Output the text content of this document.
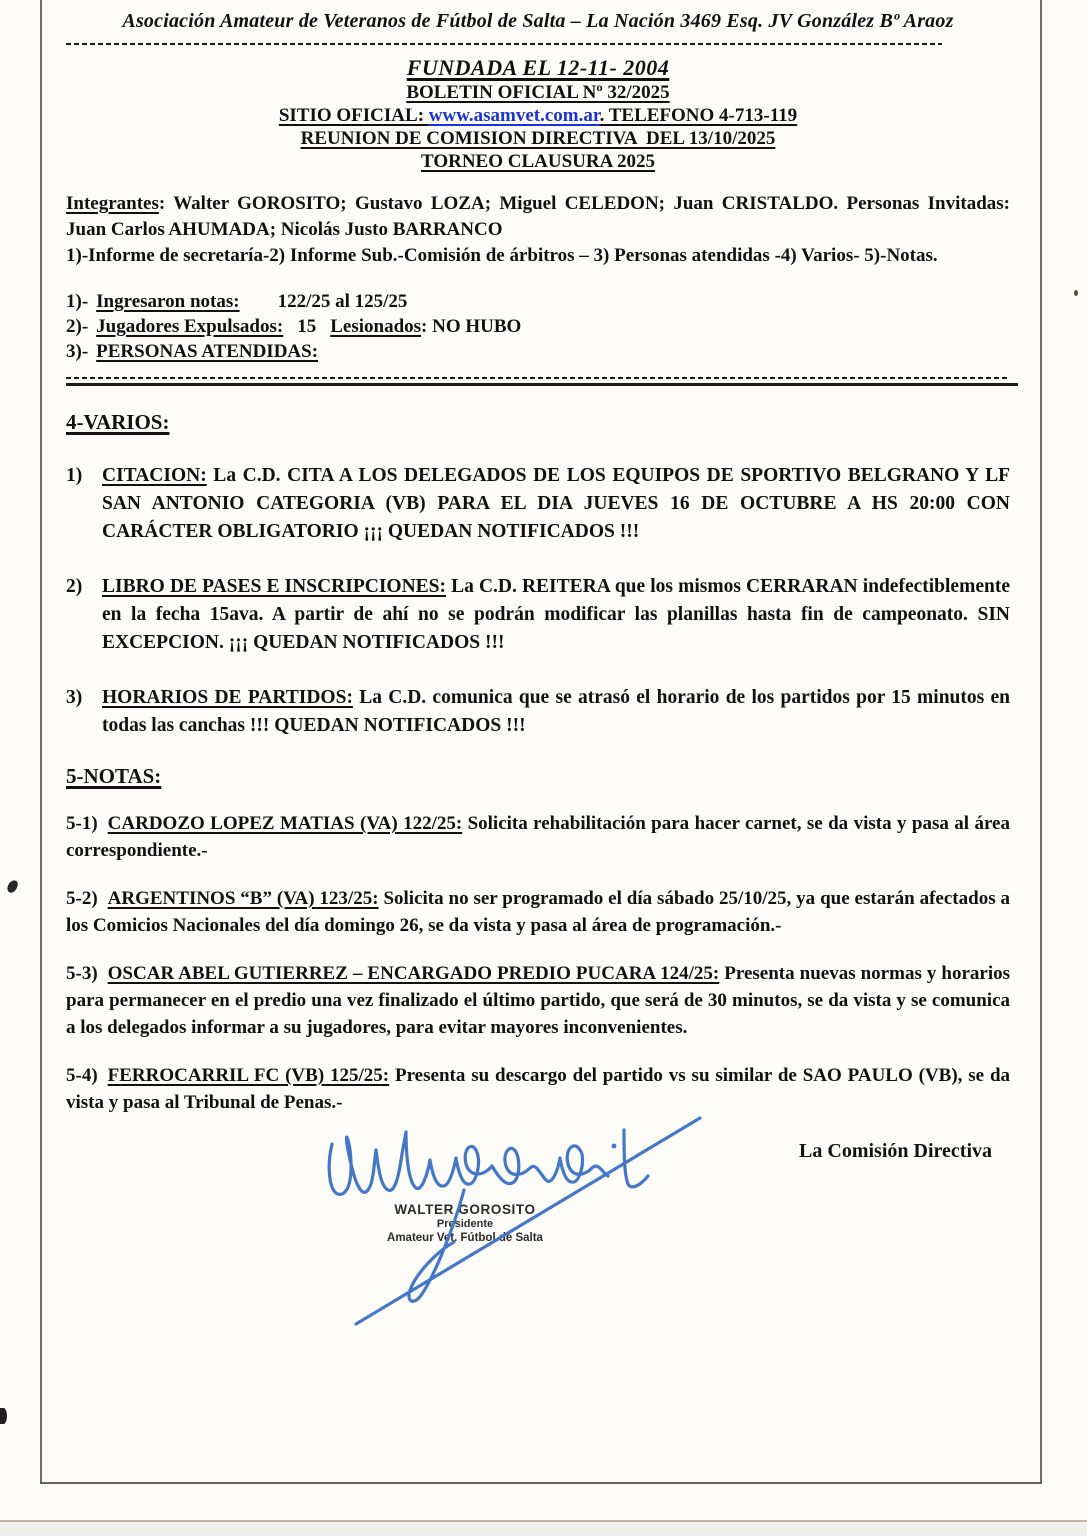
Asociación Amateur de Veteranos de Fútbol de Salta – La Nación 3469 Esq. JV González Bº Araoz
FUNDADA EL 12-11- 2004
BOLETIN OFICIAL Nº 32/2025
SITIO OFICIAL: www.asamvet.com.ar. TELEFONO 4-713-119
REUNION DE COMISION DIRECTIVA  DEL 13/10/2025
TORNEO CLAUSURA 2025

Integrantes: Walter GOROSITO; Gustavo LOZA; Miguel CELEDON; Juan CRISTALDO. Personas Invitadas: Juan Carlos AHUMADA; Nicolás Justo BARRANCO

1)-Informe de secretaría-2) Informe Sub.-Comisión de árbitros – 3) Personas atendidas -4) Varios- 5)-Notas.

1)- Ingresaron notas: 122/25 al 125/25

2)- Jugadores Expulsados: 15 Lesionados: NO HUBO

3)- PERSONAS ATENDIDAS:

4-VARIOS:

1)	CITACION: La C.D. CITA A LOS DELEGADOS DE LOS EQUIPOS DE SPORTIVO BELGRANO Y LF SAN ANTONIO CATEGORIA (VB) PARA EL DIA JUEVES 16 DE OCTUBRE A HS 20:00 CON CARÁCTER OBLIGATORIO ¡¡¡ QUEDAN NOTIFICADOS !!!

2)	LIBRO DE PASES E INSCRIPCIONES: La C.D. REITERA que los mismos CERRARAN indefectiblemente en la fecha 15ava. A partir de ahí no se podrán modificar las planillas hasta fin de campeonato. SIN EXCEPCION. ¡¡¡ QUEDAN NOTIFICADOS !!!

3)	HORARIOS DE PARTIDOS: La C.D. comunica que se atrasó el horario de los partidos por 15 minutos en todas las canchas !!! QUEDAN NOTIFICADOS !!!

5-NOTAS:

5-1) CARDOZO LOPEZ MATIAS (VA) 122/25: Solicita rehabilitación para hacer carnet, se da vista y pasa al área correspondiente.-

5-2) ARGENTINOS “B” (VA) 123/25: Solicita no ser programado el día sábado 25/10/25, ya que estarán afectados a los Comicios Nacionales del día domingo 26, se da vista y pasa al área de programación.-

5-3) OSCAR ABEL GUTIERREZ – ENCARGADO PREDIO PUCARA 124/25: Presenta nuevas normas y horarios para permanecer en el predio una vez finalizado el último partido, que será de 30 minutos, se da vista y se comunica a los delegados informar a su jugadores, para evitar mayores inconvenientes.

5-4) FERROCARRIL FC (VB) 125/25: Presenta su descargo del partido vs su similar de SAO PAULO (VB), se da vista y pasa al Tribunal de Penas.-

La Comisión Directiva
WALTER GOROSITO
Presidente
Amateur Vet. Fútbol de Salta
